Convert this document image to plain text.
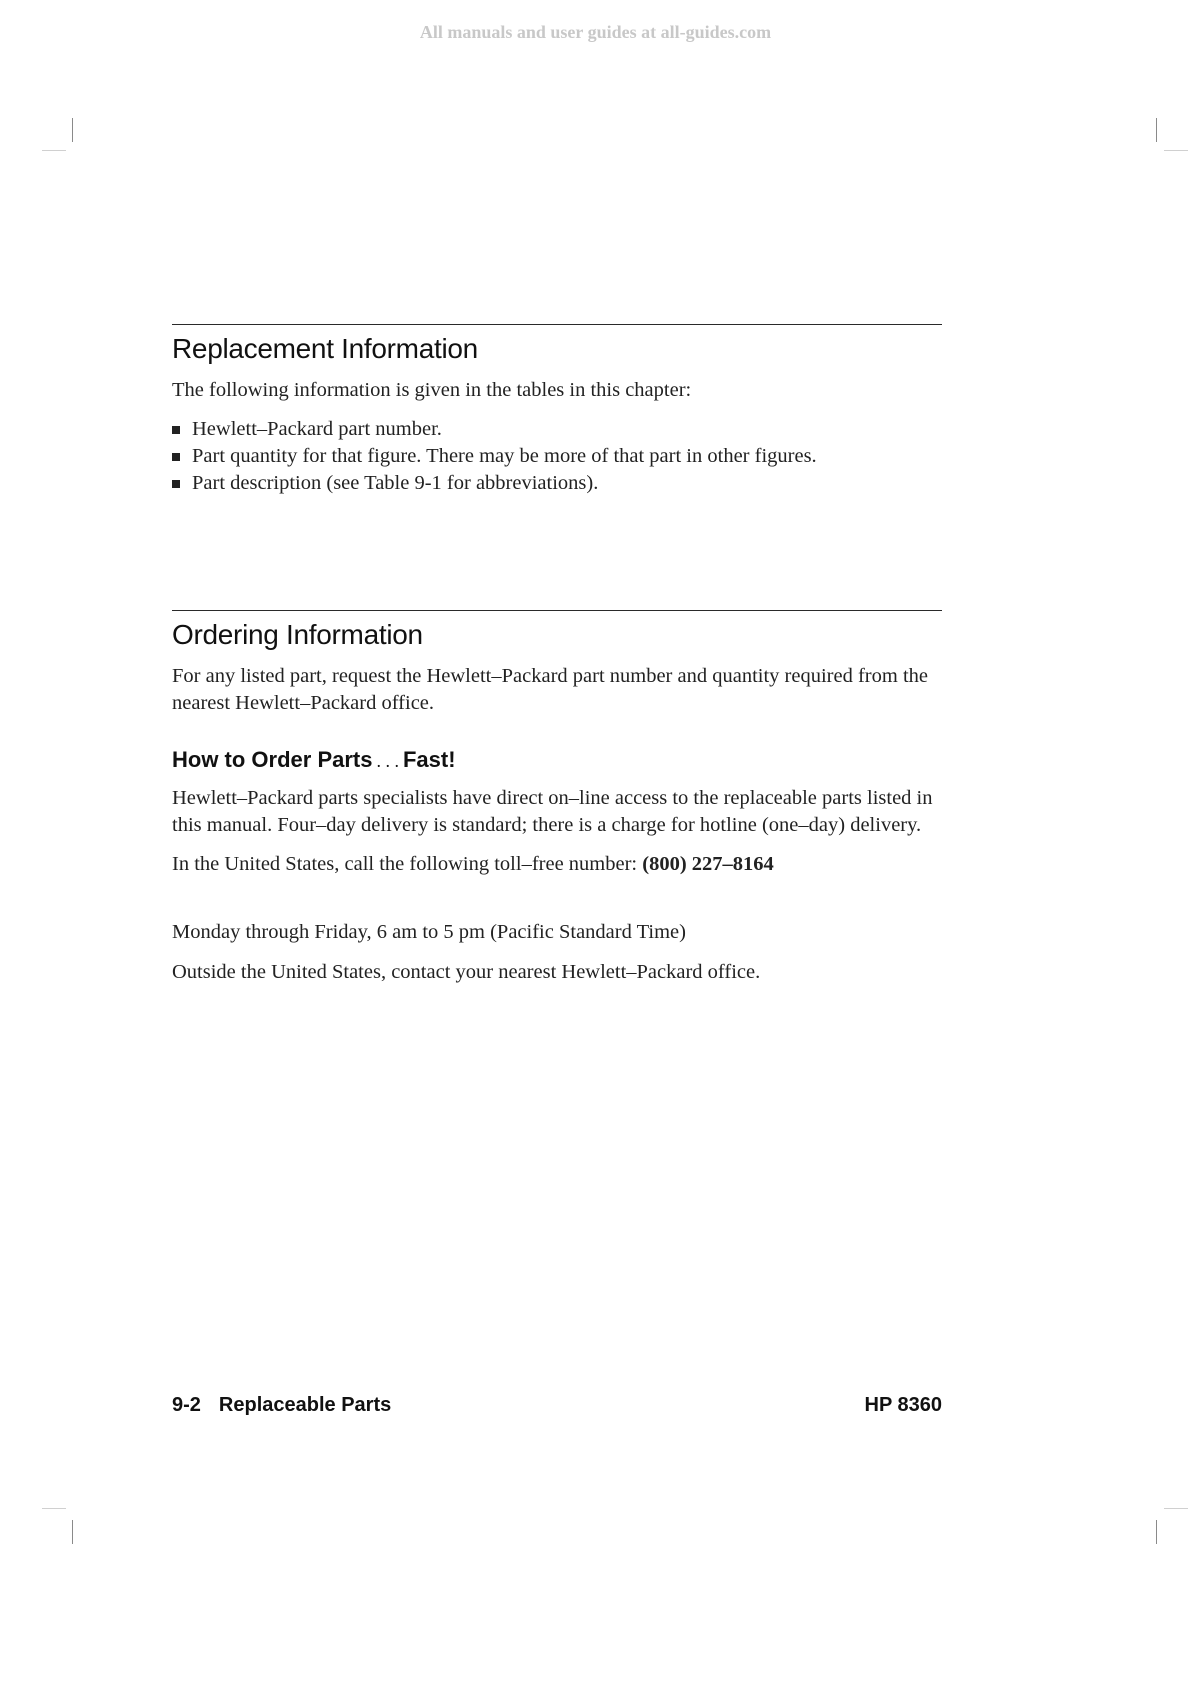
All manuals and user guides at all-guides.com
Replacement Information

The following information is given in the tables in this chapter:

Hewlett–Packard part number.
Part quantity for that figure. There may be more of that part in other figures.
Part description (see Table 9-1 for abbreviations).
Ordering Information

For any listed part, request the Hewlett–Packard part number and quantity required from the nearest Hewlett–Packard office.

How to Order Parts . . . Fast!

Hewlett–Packard parts specialists have direct on–line access to the replaceable parts listed in this manual. Four–day delivery is standard; there is a charge for hotline (one–day) delivery.

In the United States, call the following toll–free number: (800) 227–8164

Monday through Friday, 6 am to 5 pm (Pacific Standard Time)

Outside the United States, contact your nearest Hewlett–Packard office.

9-2 Replaceable Parts	HP 8360
